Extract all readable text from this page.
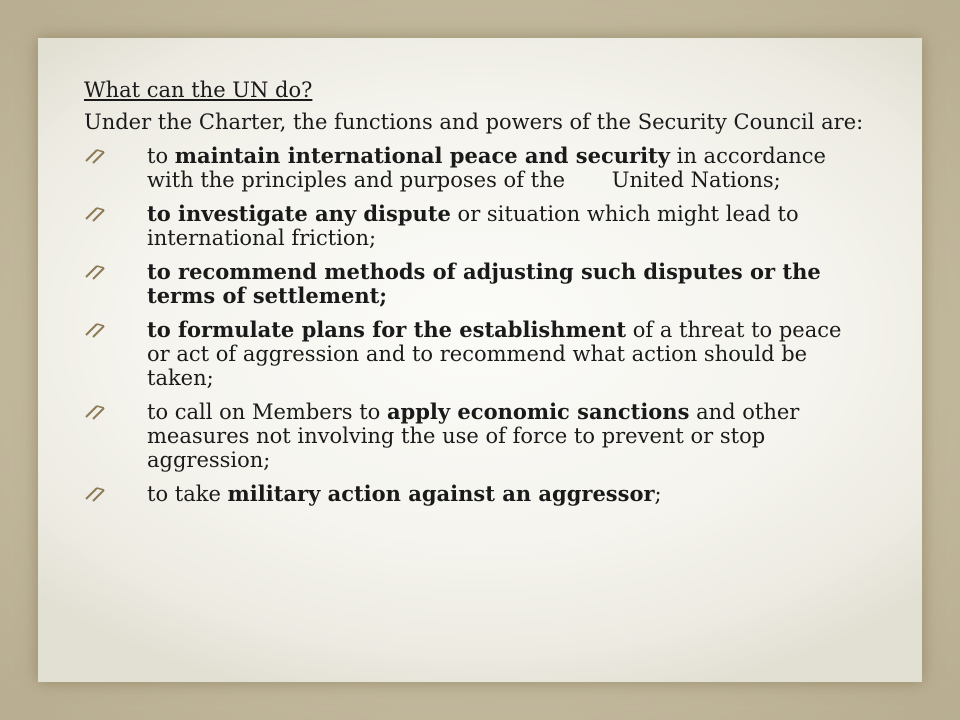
What can the UN do?
Under the Charter, the functions and powers of the Security Council are:
to maintain international peace and security in accordance with the principles and purposes of the       United Nations;
to investigate any dispute or situation which might lead to international friction;
to recommend methods of adjusting such disputes or the terms of settlement;
to formulate plans for the establishment of a threat to peace or act of aggression and to recommend what action should be taken;
to call on Members to apply economic sanctions and other measures not involving the use of force to prevent or stop aggression;
to take military action against an aggressor;
